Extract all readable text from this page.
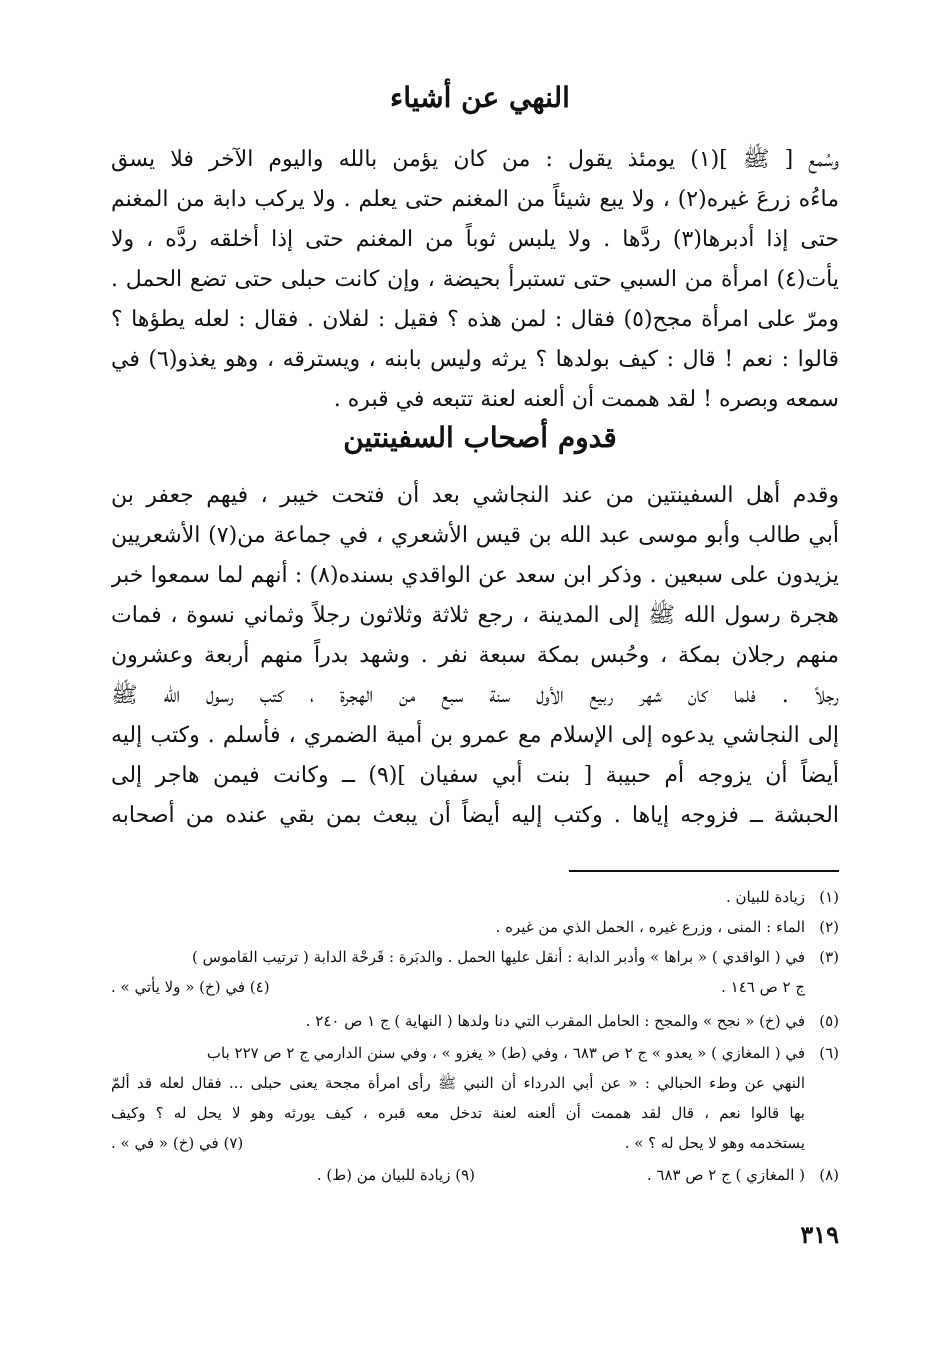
النهي عن أشياء
وسُمع [ ﷺ ](١) يومئذ يقول : من كان يؤمن بالله واليوم الآخر فلا يسق
ماءُه زرعَ غيره(٢) ، ولا يبع شيئاً من المغنم حتى يعلم . ولا يركب دابة من المغنم
حتى إذا أدبرها(٣) ردَّها . ولا يلبس ثوباً من المغنم حتى إذا أخلقه ردَّه ، ولا
يأت(٤) امرأة من السبي حتى تستبرأ بحيضة ، وإن كانت حبلى حتى تضع الحمل .
ومرّ على امرأة مجح(٥) فقال : لمن هذه ؟ فقيل : لفلان . فقال : لعله يطؤها ؟
قالوا : نعم ! قال : كيف بولدها ؟ يرثه وليس بابنه ، ويسترقه ، وهو يغذو(٦) في
سمعه وبصره ! لقد هممت أن ألعنه لعنة تتبعه في قبره .
قدوم أصحاب السفينتين
وقدم أهل السفينتين من عند النجاشي بعد أن فتحت خيبر ، فيهم جعفر بن
أبي طالب وأبو موسى عبد الله بن قيس الأشعري ، في جماعة من(٧) الأشعريين
يزيدون على سبعين . وذكر ابن سعد عن الواقدي بسنده(٨) : أنهم لما سمعوا خبر
هجرة رسول الله ﷺ إلى المدينة ، رجع ثلاثة وثلاثون رجلاً وثماني نسوة ، فمات
منهم رجلان بمكة ، وحُبس بمكة سبعة نفر . وشهد بدراً منهم أربعة وعشرون
رجلاً . فلما كان شهر ربيع الأول سنة سبع من الهجرة ، كتب رسول الله ﷺ
إلى النجاشي يدعوه إلى الإسلام مع عمرو بن أمية الضمري ، فأسلم . وكتب إليه
أيضاً أن يزوجه أم حبيبة [ بنت أبي سفيان ](٩) ــ وكانت فيمن هاجر إلى
الحبشة ــ فزوجه إياها . وكتب إليه أيضاً أن يبعث بمن بقي عنده من أصحابه
(١)زيادة للبيان .
(٢)الماء : المنى ، وزرع غيره ، الحمل الذي من غيره .
(٣)في ( الواقدي ) « براها » وأدبر الدابة : أنقل عليها الحمل . والدبَرة : قَرحْة الدابة ( ترتيب القاموس )
ج ٢ ص ١٤٦ .
(٤) في (خ) « ولا يأتي » .
(٥)في (خ) « نجح » والمجح : الحامل المقرب التي دنا ولدها ( النهاية ) ج ١ ص ٢٤٠ .
(٦)في ( المغازي ) « يعدو » ج ٢ ص ٦٨٣ ، وفي (ط) « يغزو » ، وفي سنن الدارمي ج ٢ ص ٢٢٧ باب
النهي عن وطء الحبالي : « عن أبي الدرداء أن النبي ﷺ رأى امرأة مجحة يعنى حبلى ... فقال لعله قد ألمّ
بها قالوا نعم ، قال لقد هممت أن ألعنه لعنة تدخل معه قبره ، كيف يورثه وهو لا يحل له ؟ وكيف
يستخدمه وهو لا يحل له ؟ » .
(٧) في (خ) « في » .
(٨)( المغازي ) ج ٢ ص ٦٨٣ .
(٩) زيادة للبيان من (ط) .
٣١٩
